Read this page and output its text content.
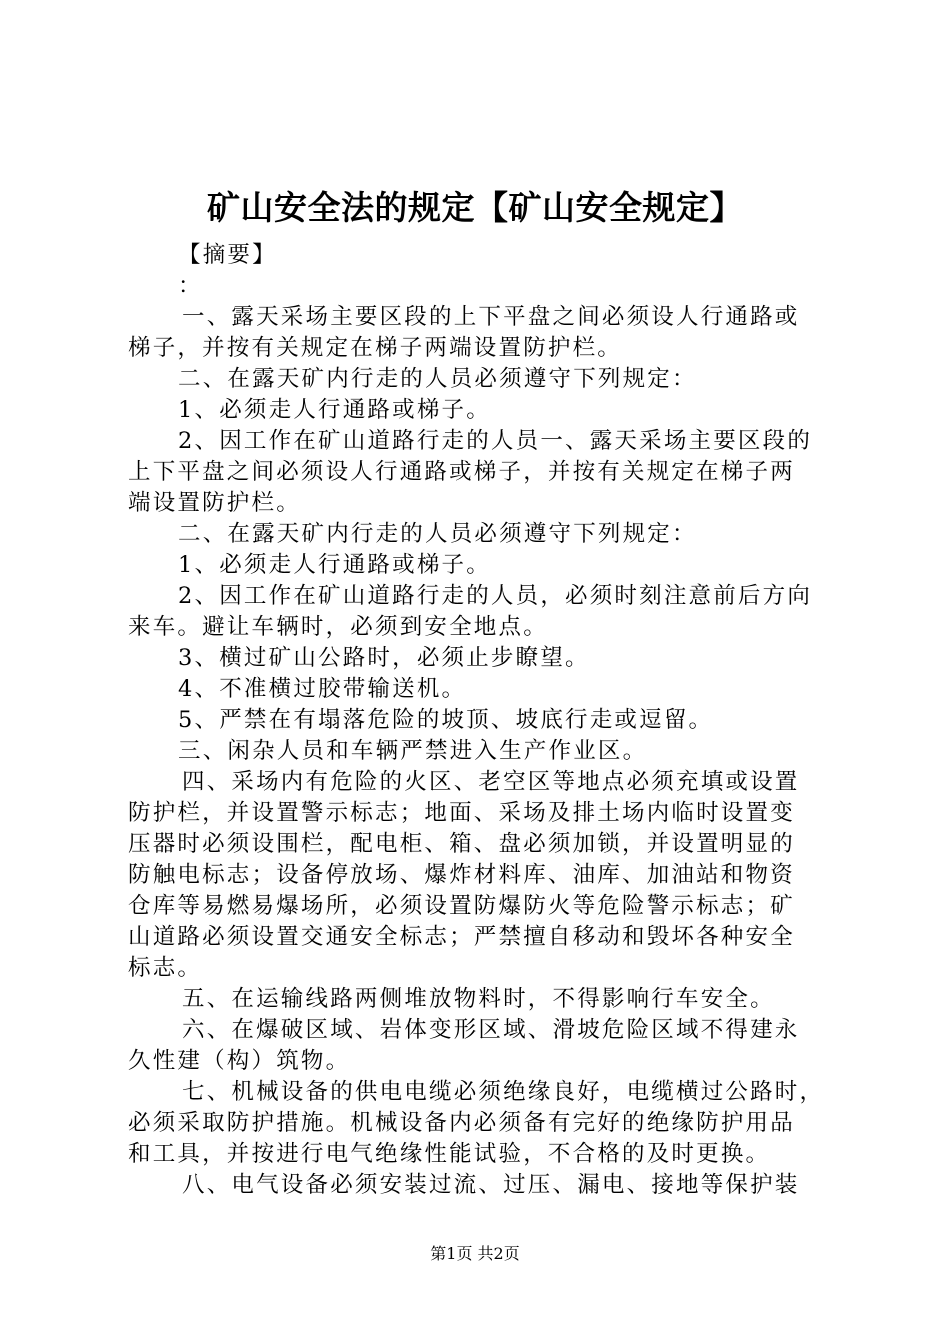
矿山安全法的规定【矿山安全规定】
【摘要】
：
一、露天采场主要区段的上下平盘之间必须设人行通路或
梯子，并按有关规定在梯子两端设置防护栏。
二、在露天矿内行走的人员必须遵守下列规定：
1、必须走人行通路或梯子。
2、因工作在矿山道路行走的人员一、露天采场主要区段的
上下平盘之间必须设人行通路或梯子，并按有关规定在梯子两
端设置防护栏。
二、在露天矿内行走的人员必须遵守下列规定：
1、必须走人行通路或梯子。
2、因工作在矿山道路行走的人员，必须时刻注意前后方向
来车。避让车辆时，必须到安全地点。
3、横过矿山公路时，必须止步瞭望。
4、不准横过胶带输送机。
5、严禁在有塌落危险的坡顶、坡底行走或逗留。
三、闲杂人员和车辆严禁进入生产作业区。
四、采场内有危险的火区、老空区等地点必须充填或设置
防护栏，并设置警示标志；地面、采场及排土场内临时设置变
压器时必须设围栏，配电柜、箱、盘必须加锁，并设置明显的
防触电标志；设备停放场、爆炸材料库、油库、加油站和物资
仓库等易燃易爆场所，必须设置防爆防火等危险警示标志；矿
山道路必须设置交通安全标志；严禁擅自移动和毁坏各种安全
标志。
五、在运输线路两侧堆放物料时，不得影响行车安全。
六、在爆破区域、岩体变形区域、滑坡危险区域不得建永
久性建（构）筑物。
七、机械设备的供电电缆必须绝缘良好，电缆横过公路时，
必须采取防护措施。机械设备内必须备有完好的绝缘防护用品
和工具，并按进行电气绝缘性能试验，不合格的及时更换。
八、电气设备必须安装过流、过压、漏电、接地等保护装
第1页 共2页
